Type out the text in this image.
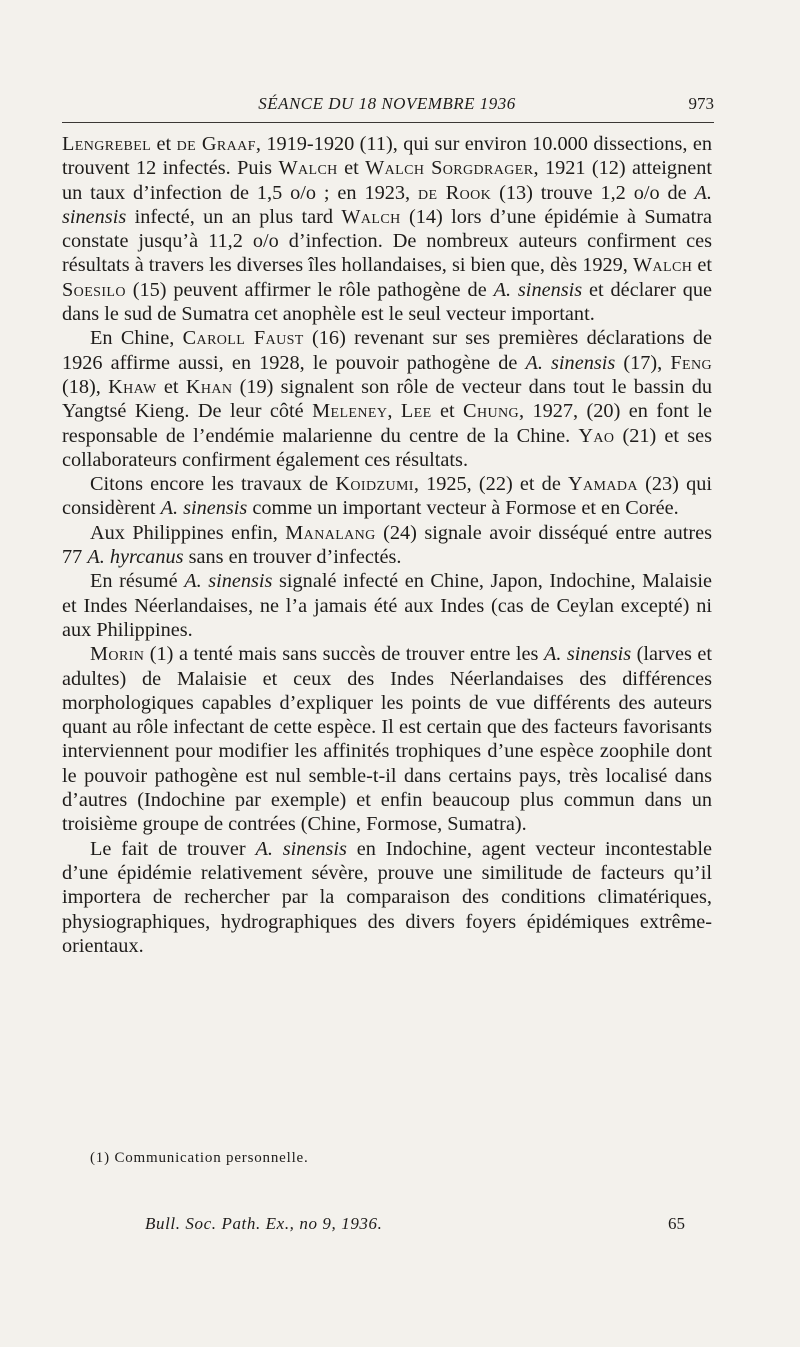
SÉANCE DU 18 NOVEMBRE 1936	973

Lengrebel et de Graaf, 1919-1920 (11), qui sur environ 10.000 dissections, en trouvent 12 infectés. Puis Walch et Walch Sorgdrager, 1921 (12) atteignent un taux d’infection de 1,5 o/o ; en 1923, de Rook (13) trouve 1,2 o/o de A. sinensis infecté, un an plus tard Walch (14) lors d’une épidémie à Sumatra constate jusqu’à 11,2 o/o d’infection. De nombreux auteurs confirment ces résultats à travers les diverses îles hollandaises, si bien que, dès 1929, Walch et Soesilo (15) peuvent affirmer le rôle pathogène de A. sinensis et déclarer que dans le sud de Sumatra cet anophèle est le seul vecteur important.

En Chine, Caroll Faust (16) revenant sur ses premières déclarations de 1926 affirme aussi, en 1928, le pouvoir pathogène de A. sinensis (17), Feng (18), Khaw et Khan (19) signalent son rôle de vecteur dans tout le bassin du Yangtsé Kieng. De leur côté Meleney, Lee et Chung, 1927, (20) en font le responsable de l’endémie malarienne du centre de la Chine. Yao (21) et ses collaborateurs confirment également ces résultats.

Citons encore les travaux de Koidzumi, 1925, (22) et de Yamada (23) qui considèrent A. sinensis comme un important vecteur à Formose et en Corée.

Aux Philippines enfin, Manalang (24) signale avoir disséqué entre autres 77 A. hyrcanus sans en trouver d’infectés.

En résumé A. sinensis signalé infecté en Chine, Japon, Indochine, Malaisie et Indes Néerlandaises, ne l’a jamais été aux Indes (cas de Ceylan excepté) ni aux Philippines.

Morin (1) a tenté mais sans succès de trouver entre les A. sinensis (larves et adultes) de Malaisie et ceux des Indes Néerlandaises des différences morphologiques capables d’expliquer les points de vue différents des auteurs quant au rôle infectant de cette espèce. Il est certain que des facteurs favorisants interviennent pour modifier les affinités trophiques d’une espèce zoophile dont le pouvoir pathogène est nul semble-t-il dans certains pays, très localisé dans d’autres (Indochine par exemple) et enfin beaucoup plus commun dans un troisième groupe de contrées (Chine, Formose, Sumatra).

Le fait de trouver A. sinensis en Indochine, agent vecteur incontestable d’une épidémie relativement sévère, prouve une similitude de facteurs qu’il importera de rechercher par la comparaison des conditions climatériques, physiographiques, hydrographiques des divers foyers épidémiques extrême-orientaux.

(1) Communication personnelle.
Bull. Soc. Path. Ex., no 9, 1936.	65
